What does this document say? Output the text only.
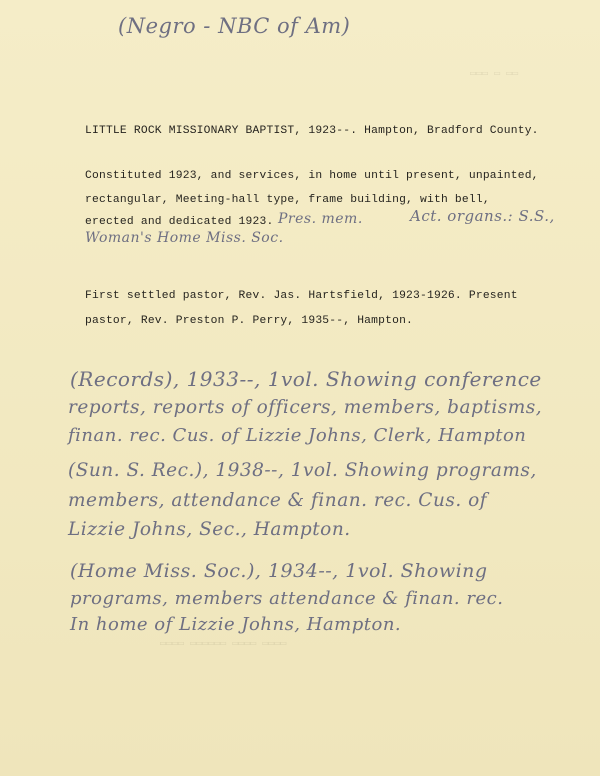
▭▭▭ ▭ ▭▭
▭▭▭▭ ▭▭▭▭▭▭ ▭▭▭▭ ▭▭▭▭
(Negro - NBC of Am)
LITTLE ROCK MISSIONARY BAPTIST, 1923--. Hampton, Bradford County.
Constituted 1923, and services, in home until present, unpainted,
rectangular, Meeting-hall type, frame building, with bell,
erected and dedicated 1923. Pres. mem.	Act. organs.: S.S.,
Woman's Home Miss. Soc.
First settled pastor, Rev. Jas. Hartsfield, 1923-1926. Present
pastor, Rev. Preston P. Perry, 1935--, Hampton.
(Records), 1933--, 1vol. Showing conference
reports, reports of officers, members, baptisms,
finan. rec. Cus. of Lizzie Johns, Clerk, Hampton
(Sun. S. Rec.), 1938--, 1vol. Showing programs,
members, attendance & finan. rec. Cus. of
Lizzie Johns, Sec., Hampton.
(Home Miss. Soc.), 1934--, 1vol. Showing
programs, members attendance & finan. rec.
In home of Lizzie Johns, Hampton.
